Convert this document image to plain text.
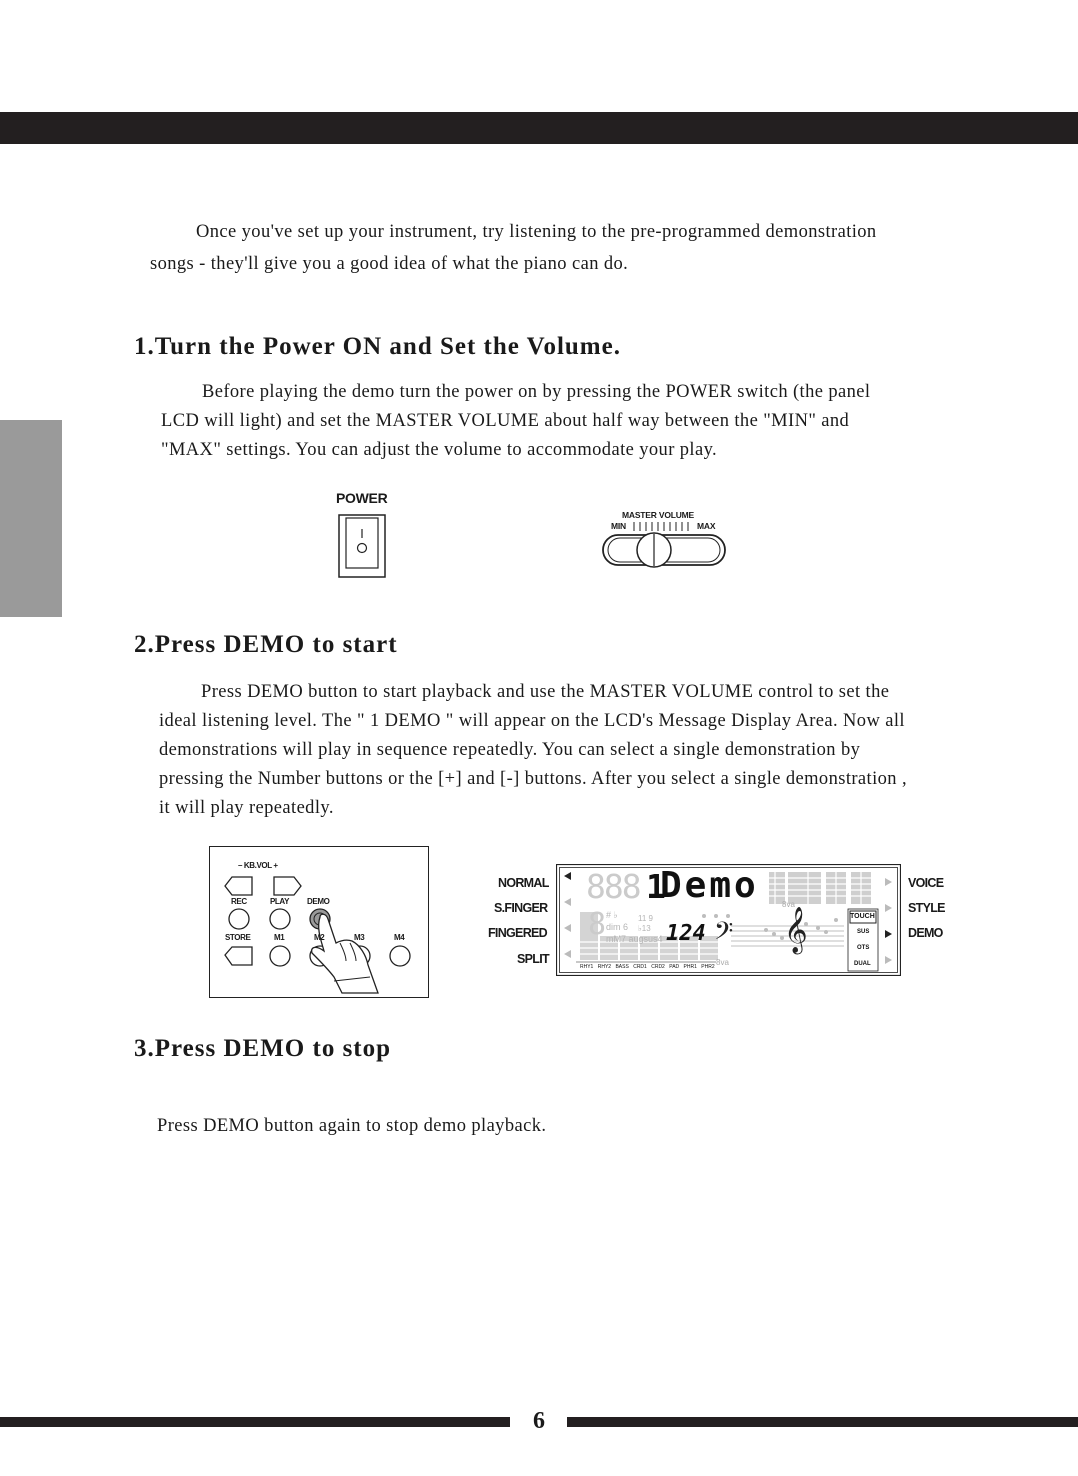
Once you've set up your instrument, try listening to the pre-programmed demonstration
songs - they'll give you a good idea of what the piano can do.
1.Turn the Power ON and Set the Volume.
Before playing the demo turn the power on by pressing the POWER switch (the panel
LCD will light) and set the MASTER VOLUME about half way between the "MIN" and
"MAX" settings. You can adjust the volume to accommodate your play.
POWER
MASTER VOLUME
MIN	MAX
2.Press DEMO to start
Press DEMO button to start playback and use the MASTER VOLUME control to set the
ideal listening level. The " 1 DEMO " will appear on the LCD's Message Display Area. Now all
demonstrations will play in sequence repeatedly. You can select a single demonstration by
pressing the Number buttons or the [+] and [-] buttons. After you select a single demonstration ,
it will play repeatedly.
– KB.VOL +
REC	PLAY DEMO
STORE	M1	M2	M3	M4
NORMAL
S.FINGER
FINGERED
SPLIT
VOICE
STYLE
DEMO
888 1
Demo
8 # ♭
dim 6
mM7 augsus4
11 9
♭13 124 𝄢 𝄞
8va
8va
TOUCH
SUS
OTS
DUAL
RHY1 RHY2 BASS CRD1 CRD2 PAD PHR1 PHR2
3.Press DEMO to stop
Press DEMO button again to stop demo playback.
6
